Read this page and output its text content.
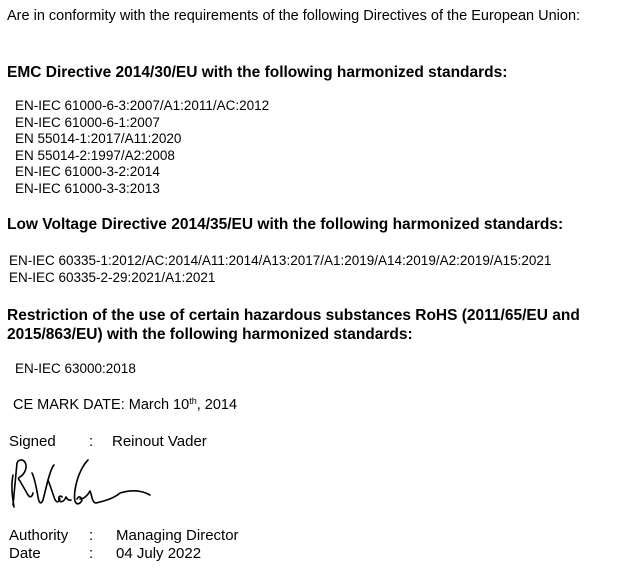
Are in conformity with the requirements of the following Directives of the European Union:
EMC Directive 2014/30/EU with the following harmonized standards:
EN-IEC 61000-6-3:2007/A1:2011/AC:2012
EN-IEC 61000-6-1:2007
EN 55014-1:2017/A11:2020
EN 55014-2:1997/A2:2008
EN-IEC 61000-3-2:2014
EN-IEC 61000-3-3:2013
Low Voltage Directive 2014/35/EU with the following harmonized standards:
EN-IEC 60335-1:2012/AC:2014/A11:2014/A13:2017/A1:2019/A14:2019/A2:2019/A15:2021
EN-IEC 60335-2-29:2021/A1:2021
Restriction of the use of certain hazardous substances RoHS (2011/65/EU and 2015/863/EU) with the following harmonized standards:
EN-IEC 63000:2018
CE MARK DATE: March 10th, 2014
Signed : Reinout Vader
Authority : Managing Director
Date	: 04 July 2022
